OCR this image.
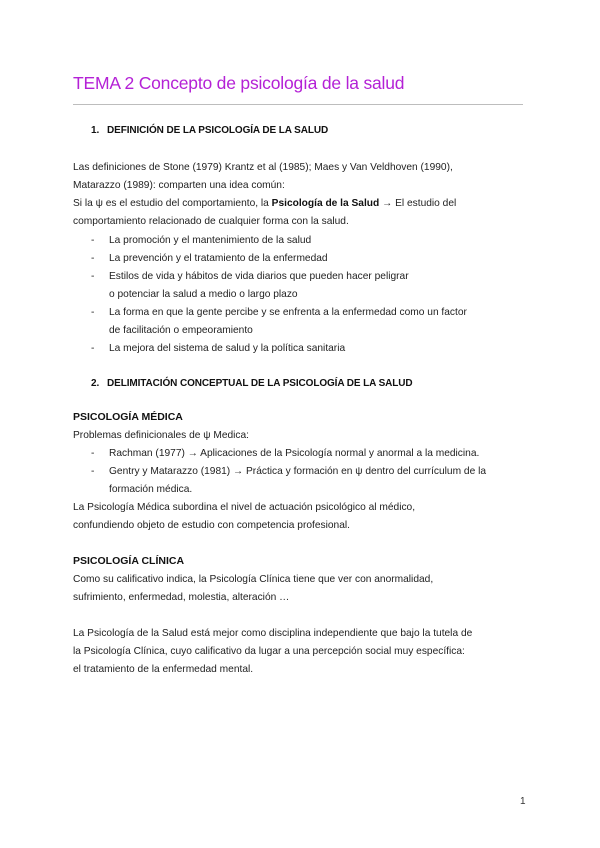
TEMA 2 Concepto de psicología de la salud
1. DEFINICIÓN DE LA PSICOLOGÍA DE LA SALUD

Las definiciones de Stone (1979) Krantz et al (1985); Maes y Van Veldhoven (1990),

Matarazzo (1989): comparten una idea común:

Si la ψ es el estudio del comportamiento, la Psicología de la Salud → El estudio del

comportamiento relacionado de cualquier forma con la salud.

- La promoción y el mantenimiento de la salud
- La prevención y el tratamiento de la enfermedad
- Estilos de vida y hábitos de vida diarios que pueden hacer peligrar
o potenciar la salud a medio o largo plazo
- La forma en que la gente percibe y se enfrenta a la enfermedad como un factor
de facilitación o empeoramiento
- La mejora del sistema de salud y la política sanitaria
2. DELIMITACIÓN CONCEPTUAL DE LA PSICOLOGÍA DE LA SALUD
PSICOLOGÍA MÉDICA

Problemas definicionales de ψ Medica:

- Rachman (1977) → Aplicaciones de la Psicología normal y anormal a la medicina.
- Gentry y Matarazzo (1981) → Práctica y formación en ψ dentro del currículum de la
formación médica.

La Psicología Médica subordina el nivel de actuación psicológico al médico,

confundiendo objeto de estudio con competencia profesional.

PSICOLOGÍA CLÍNICA

Como su calificativo indica, la Psicología Clínica tiene que ver con anormalidad,

sufrimiento, enfermedad, molestia, alteración …

La Psicología de la Salud está mejor como disciplina independiente que bajo la tutela de

la Psicología Clínica, cuyo calificativo da lugar a una percepción social muy específica:

el tratamiento de la enfermedad mental.

1
